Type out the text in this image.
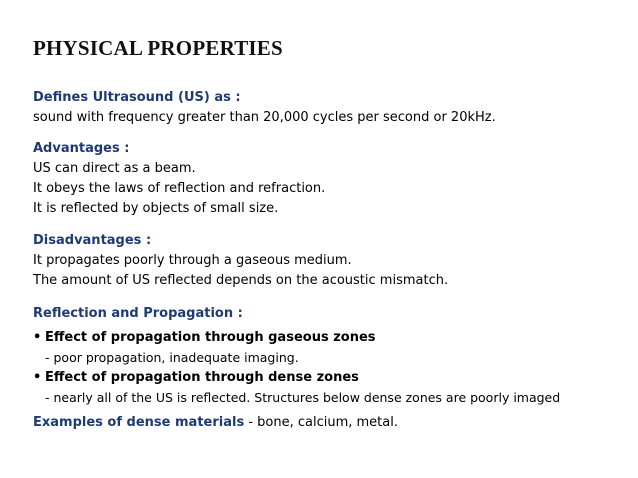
PHYSICAL PROPERTIES
Defines Ultrasound (US) as :
sound with frequency greater than 20,000 cycles per second or 20kHz.
Advantages :
US can direct as a beam.
It obeys the laws of reflection and refraction.
It is reflected by objects of small size.
Disadvantages :
It propagates poorly through a gaseous medium.
The amount of US reflected depends on the acoustic mismatch.
Reflection and Propagation :
• Effect of propagation through gaseous zones
- poor propagation, inadequate imaging.
• Effect of propagation through dense zones
- nearly all of the US is reflected. Structures below dense zones are poorly imaged
Examples of dense materials - bone, calcium, metal.
